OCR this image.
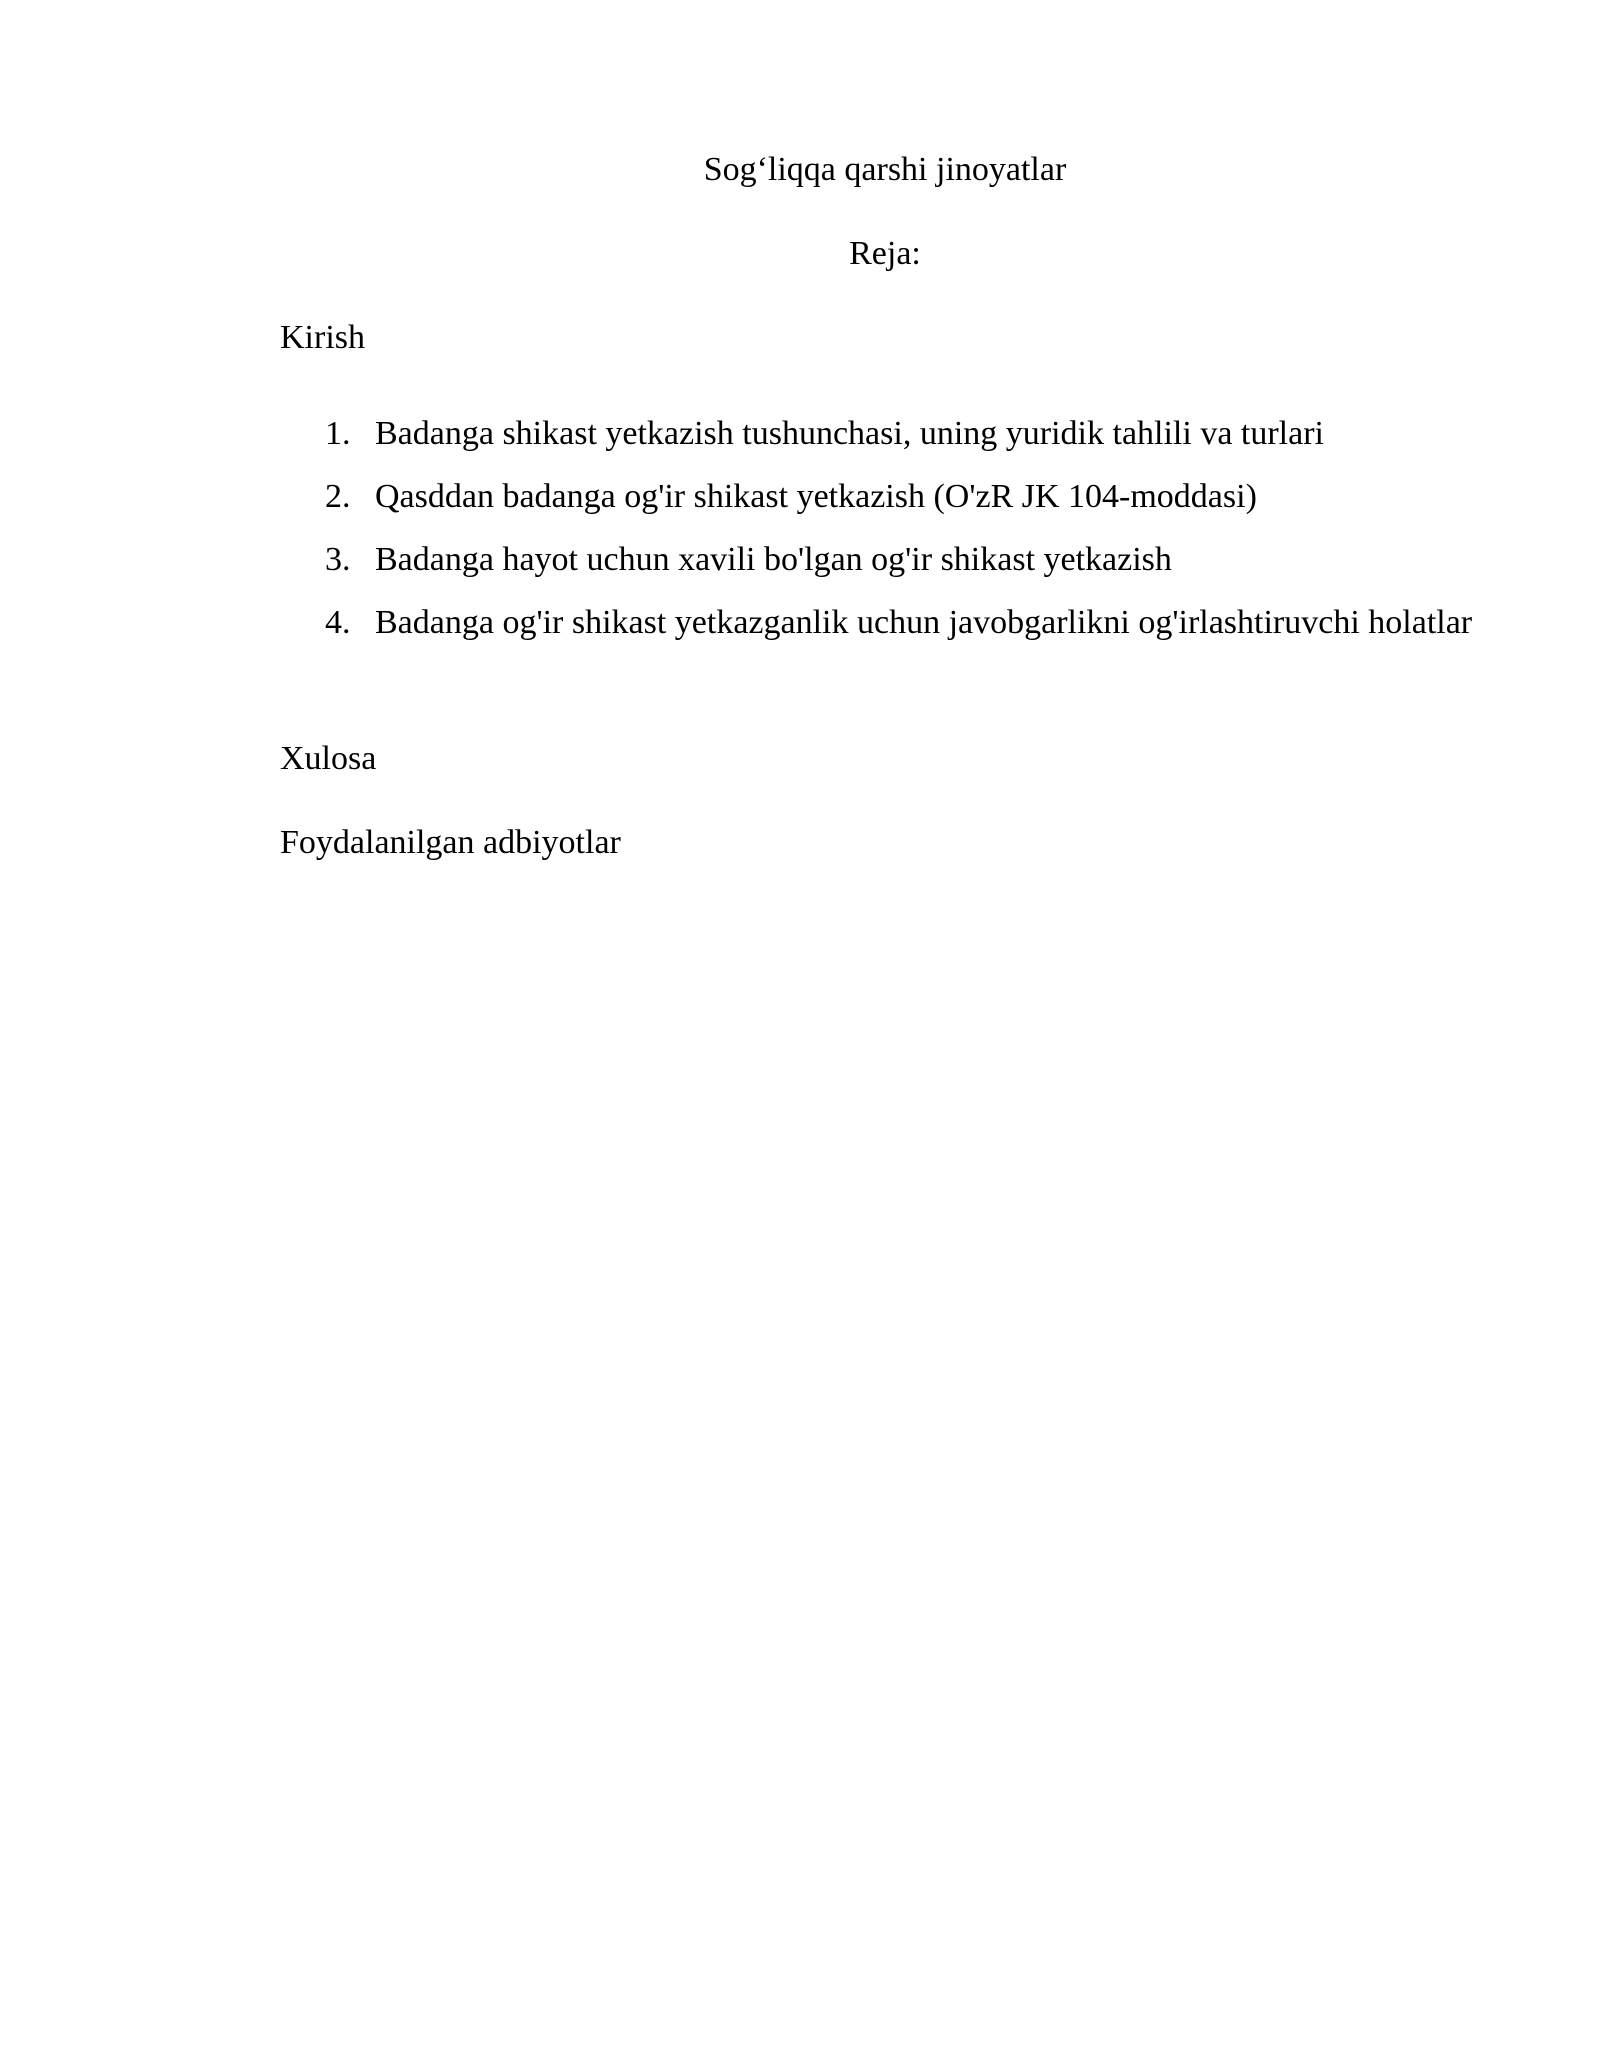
Sog‘liqqa qarshi jinoyatlar
Reja:

Kirish

1. Badanga shikast yetkazish tushunchasi, uning yuridik tahlili va turlari
2. Qasddan badanga og'ir shikast yetkazish (O'zR JK 104-moddasi)
3. Badanga hayot uchun xavili bo'lgan og'ir shikast yetkazish
4. Badanga og'ir shikast yetkazganlik uchun javobgarlikni og'irlashtiruvchi holatlar

Xulosa

Foydalanilgan adbiyotlar
